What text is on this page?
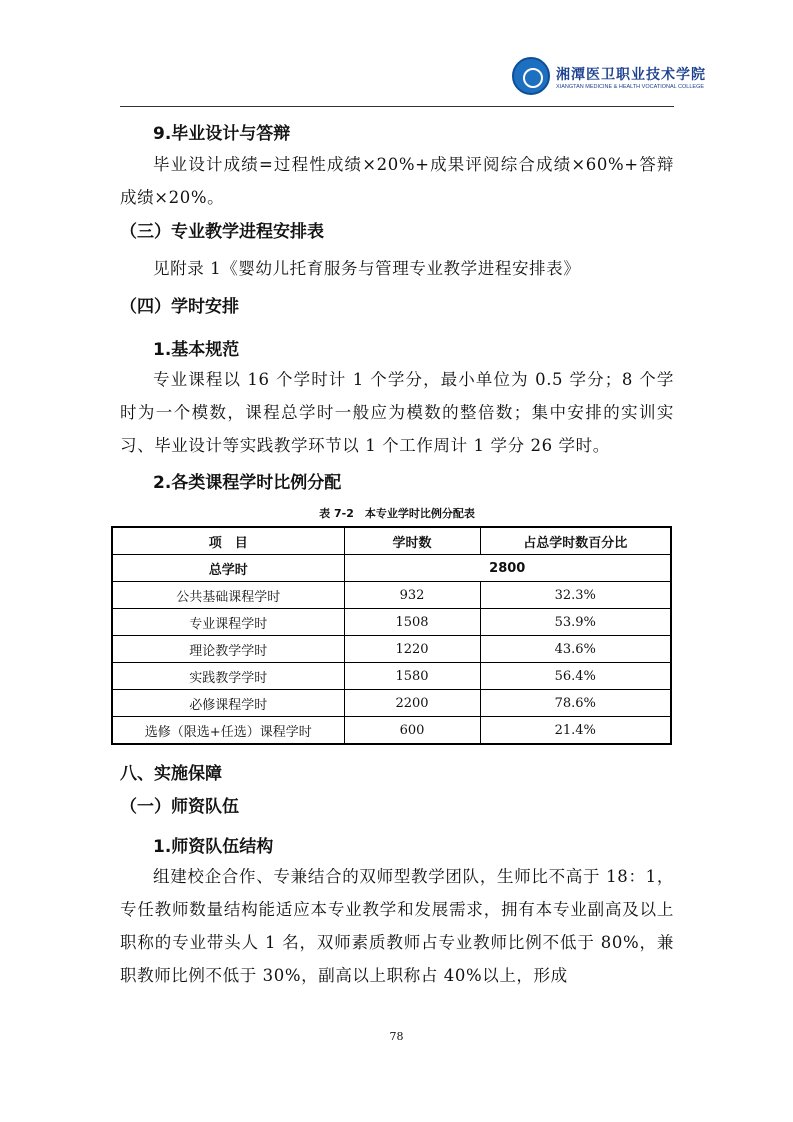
湘潭医卫职业技术学院
XIANGTAN MEDICINE & HEALTH VOCATIONAL COLLEGE
9.毕业设计与答辩
毕业设计成绩=过程性成绩×20%+成果评阅综合成绩×60%+答辩成绩×20%。
（三）专业教学进程安排表
见附录 1《婴幼儿托育服务与管理专业教学进程安排表》
（四）学时安排
1.基本规范
专业课程以 16 个学时计 1 个学分，最小单位为 0.5 学分；8 个学时为一个模数，课程总学时一般应为模数的整倍数；集中安排的实训实习、毕业设计等实践教学环节以 1 个工作周计 1 学分 26 学时。
2.各类课程学时比例分配
表 7-2　本专业学时比例分配表
项　目	学时数	占总学时数百分比
总学时	2800	
公共基础课程学时	932	32.3%
专业课程学时	1508	53.9%
理论教学学时	1220	43.6%
实践教学学时	1580	56.4%
必修课程学时	2200	78.6%
选修（限选+任选）课程学时	600	21.4%
八、实施保障
（一）师资队伍
1.师资队伍结构
组建校企合作、专兼结合的双师型教学团队，生师比不高于 18：1，专任教师数量结构能适应本专业教学和发展需求，拥有本专业副高及以上职称的专业带头人 1 名，双师素质教师占专业教师比例不低于 80%，兼职教师比例不低于 30%，副高以上职称占 40%以上，形成
78
